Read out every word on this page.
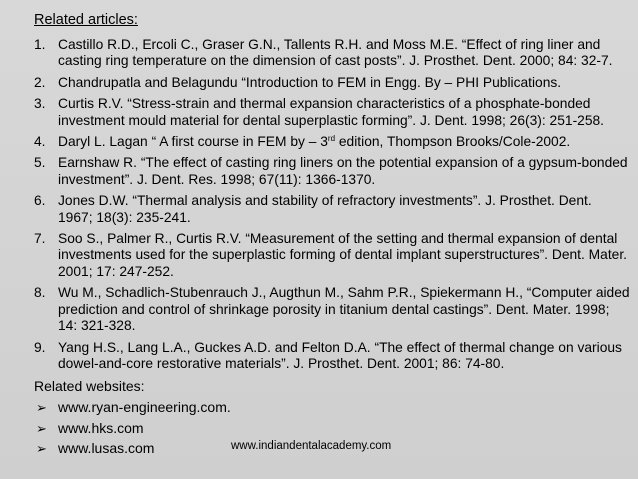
Related articles:
1. Castillo R.D., Ercoli C., Graser G.N., Tallents R.H. and Moss M.E. “Effect of ring liner and casting ring temperature on the dimension of cast posts”. J. Prosthet. Dent. 2000; 84: 32-7.
2. Chandrupatla and Belagundu “Introduction to FEM in Engg. By – PHI Publications.
3. Curtis R.V. “Stress-strain and thermal expansion characteristics of a phosphate-bonded investment mould material for dental superplastic forming”. J. Dent. 1998; 26(3): 251-258.
4. Daryl L. Lagan “ A first course in FEM by – 3rd edition, Thompson Brooks/Cole-2002.
5. Earnshaw R. “The effect of casting ring liners on the potential expansion of a gypsum-bonded investment”. J. Dent. Res. 1998; 67(11): 1366-1370.
6. Jones D.W. “Thermal analysis and stability of refractory investments”. J. Prosthet. Dent. 1967; 18(3): 235-241.
7. Soo S., Palmer R., Curtis R.V. “Measurement of the setting and thermal expansion of dental investments used for the superplastic forming of dental implant superstructures”. Dent. Mater. 2001; 17: 247-252.
8. Wu M., Schadlich-Stubenrauch J., Augthun M., Sahm P.R., Spiekermann H., “Computer aided prediction and control of shrinkage porosity in titanium dental castings”. Dent. Mater. 1998; 14: 321-328.
9. Yang H.S., Lang L.A., Guckes A.D. and Felton D.A. “The effect of thermal change on various dowel-and-core restorative materials”. J. Prosthet. Dent. 2001; 86: 74-80.
Related websites:
➢ www.ryan-engineering.com.
➢ www.hks.com
➢ www.lusas.com	www.indiandentalacademy.com
